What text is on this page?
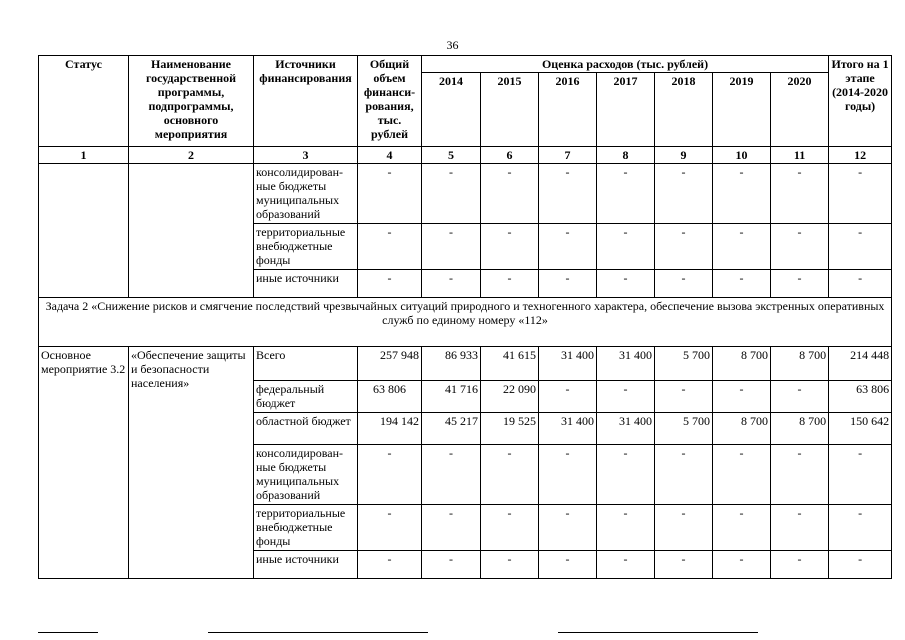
36
Статус	Наименование государственной программы, подпрограммы, основного мероприятия	Источники финансирования	Общий объем финанси-рования, тыс. рублей	Оценка расходов (тыс. рублей)							Итого на 1 этапе (2014-2020 годы)
				2014	2015	2016	2017	2018	2019	2020	
1	2	3	4	5	6	7	8	9	10	11	12
		консолидирован-ные бюджеты муниципальных образований	-	-	-	-	-	-	-	-	-
		территориальные внебюджетные фонды	-	-	-	-	-	-	-	-	-
		иные источники	-	-	-	-	-	-	-	-	-
Задача 2 «Снижение рисков и смягчение последствий чрезвычайных ситуаций природного и техногенного характера, обеспечение вызова экстренных оперативных служб по единому номеру «112»											
Основное мероприятие 3.2	«Обеспечение защиты и безопасности населения»	Всего	257 948	86 933	41 615	31 400	31 400	5 700	8 700	8 700	214 448
		федеральный бюджет	63 806	41 716	22 090	-	-	-	-	-	63 806
		областной бюджет	194 142	45 217	19 525	31 400	31 400	5 700	8 700	8 700	150 642
		консолидирован-ные бюджеты муниципальных образований	-	-	-	-	-	-	-	-	-
		территориальные внебюджетные фонды	-	-	-	-	-	-	-	-	-
		иные источники	-	-	-	-	-	-	-	-	-
